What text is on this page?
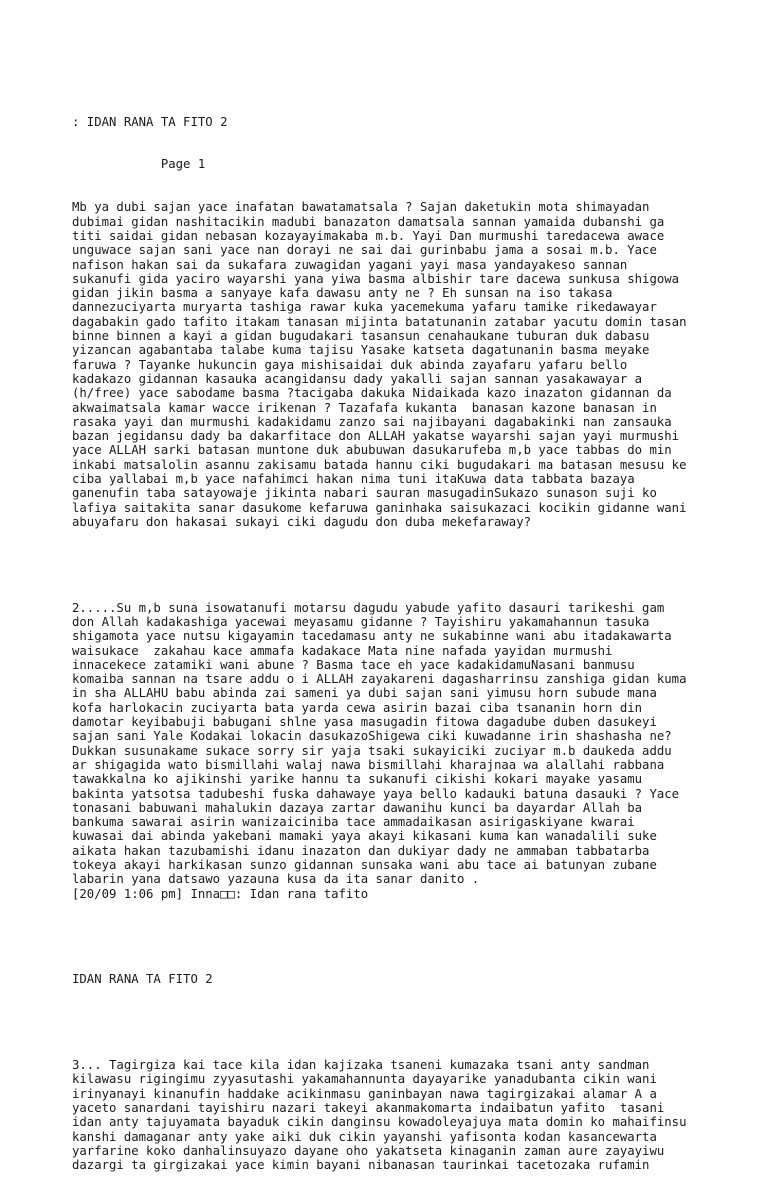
: IDAN RANA TA FITO 2

Page 1

Mb ya dubi sajan yace inafatan bawatamatsala ? Sajan daketukin mota shimayadan
dubimai gidan nashitacikin madubi banazaton damatsala sannan yamaida dubanshi ga
titi saidai gidan nebasan kozayayimakaba m.b. Yayi Dan murmushi taredacewa awace
unguwace sajan sani yace nan dorayi ne sai dai gurinbabu jama a sosai m.b. Yace
nafison hakan sai da sukafara zuwagidan yagani yayi masa yandayakeso sannan
sukanufi gida yaciro wayarshi yana yiwa basma albishir tare dacewa sunkusa shigowa
gidan jikin basma a sanyaye kafa dawasu anty ne ? Eh sunsan na iso takasa
dannezuciyarta muryarta tashiga rawar kuka yacemekuma yafaru tamike rikedawayar
dagabakin gado tafito itakam tanasan mijinta batatunanin zatabar yacutu domin tasan
binne binnen a kayi a gidan bugudakari tasansun cenahaukane tuburan duk dabasu
yizancan agabantaba talabe kuma tajisu Yasake katseta dagatunanin basma meyake
faruwa ? Tayanke hukuncin gaya mishisaidai duk abinda zayafaru yafaru bello
kadakazo gidannan kasauka acangidansu dady yakalli sajan sannan yasakawayar a
(h/free) yace sabodame basma ?tacigaba dakuka Nidaikada kazo inazaton gidannan da
akwaimatsala kamar wacce irikenan ? Tazafafa kukanta  banasan kazone banasan in
rasaka yayi dan murmushi kadakidamu zanzo sai najibayani dagabakinki nan zansauka
bazan jegidansu dady ba dakarfitace don ALLAH yakatse wayarshi sajan yayi murmushi
yace ALLAH sarki batasan muntone duk abubuwan dasukarufeba m,b yace tabbas do min
inkabi matsalolin asannu zakisamu batada hannu ciki bugudakari ma batasan mesusu ke
ciba yallabai m,b yace nafahimci hakan nima tuni itaKuwa data tabbata bazaya
ganenufin taba satayowaje jikinta nabari sauran masugadinSukazo sunason suji ko
lafiya saitakita sanar dasukome kefaruwa ganinhaka saisukazaci kocikin gidanne wani
abuyafaru don hakasai sukayi ciki dagudu don duba mekefaraway?

2.....Su m,b suna isowatanufi motarsu dagudu yabude yafito dasauri tarikeshi gam
don Allah kadakashiga yacewai meyasamu gidanne ? Tayishiru yakamahannun tasuka
shigamota yace nutsu kigayamin tacedamasu anty ne sukabinne wani abu itadakawarta
waisukace  zakahau kace ammafa kadakace Mata nine nafada yayidan murmushi
innacekece zatamiki wani abune ? Basma tace eh yace kadakidamuNasani banmusu
komaiba sannan na tsare addu o i ALLAH zayakareni dagasharrinsu zanshiga gidan kuma
in sha ALLAHU babu abinda zai sameni ya dubi sajan sani yimusu horn subude mana
kofa harlokacin zuciyarta bata yarda cewa asirin bazai ciba tsananin horn din
damotar keyibabuji babugani shlne yasa masugadin fitowa dagadube duben dasukeyi
sajan sani Yale Kodakai lokacin dasukazoShigewa ciki kuwadanne irin shashasha ne?
Dukkan susunakame sukace sorry sir yaja tsaki sukayiciki zuciyar m.b daukeda addu
ar shigagida wato bismillahi walaj nawa bismillahi kharajnaa wa alallahi rabbana
tawakkalna ko ajikinshi yarike hannu ta sukanufi cikishi kokari mayake yasamu
bakinta yatsotsa tadubeshi fuska dahawaye yaya bello kadauki batuna dasauki ? Yace
tonasani babuwani mahalukin dazaya zartar dawanihu kunci ba dayardar Allah ba
bankuma sawarai asirin wanizaiciniba tace ammadaikasan asirigaskiyane kwarai
kuwasai dai abinda yakebani mamaki yaya akayi kikasani kuma kan wanadalili suke
aikata hakan tazubamishi idanu inazaton dan dukiyar dady ne ammaban tabbatarba
tokeya akayi harkikasan sunzo gidannan sunsaka wani abu tace ai batunyan zubane
labarin yana datsawo yazauna kusa da ita sanar danito .
[20/09 1:06 pm] Inna□□: Idan rana tafito

IDAN RANA TA FITO 2

3... Tagirgiza kai tace kila idan kajizaka tsaneni kumazaka tsani anty sandman
kilawasu rigingimu zyyasutashi yakamahannunta dayayarike yanadubanta cikin wani
irinyanayi kinanufin haddake acikinmasu ganinbayan nawa tagirgizakai alamar A a
yaceto sanardani tayishiru nazari takeyi akanmakomarta indaibatun yafito  tasani
idan anty tajuyamata bayaduk cikin danginsu kowadoleyajuya mata domin ko mahaifinsu
kanshi damaganar anty yake aiki duk cikin yayanshi yafisonta kodan kasancewarta
yarfarine koko danhalinsuyazo dayane oho yakatseta kinaganin zaman aure zayayiwu
dazargi ta girgizakai yace kimin bayani nibanasan taurinkai tacetozaka rufamin
